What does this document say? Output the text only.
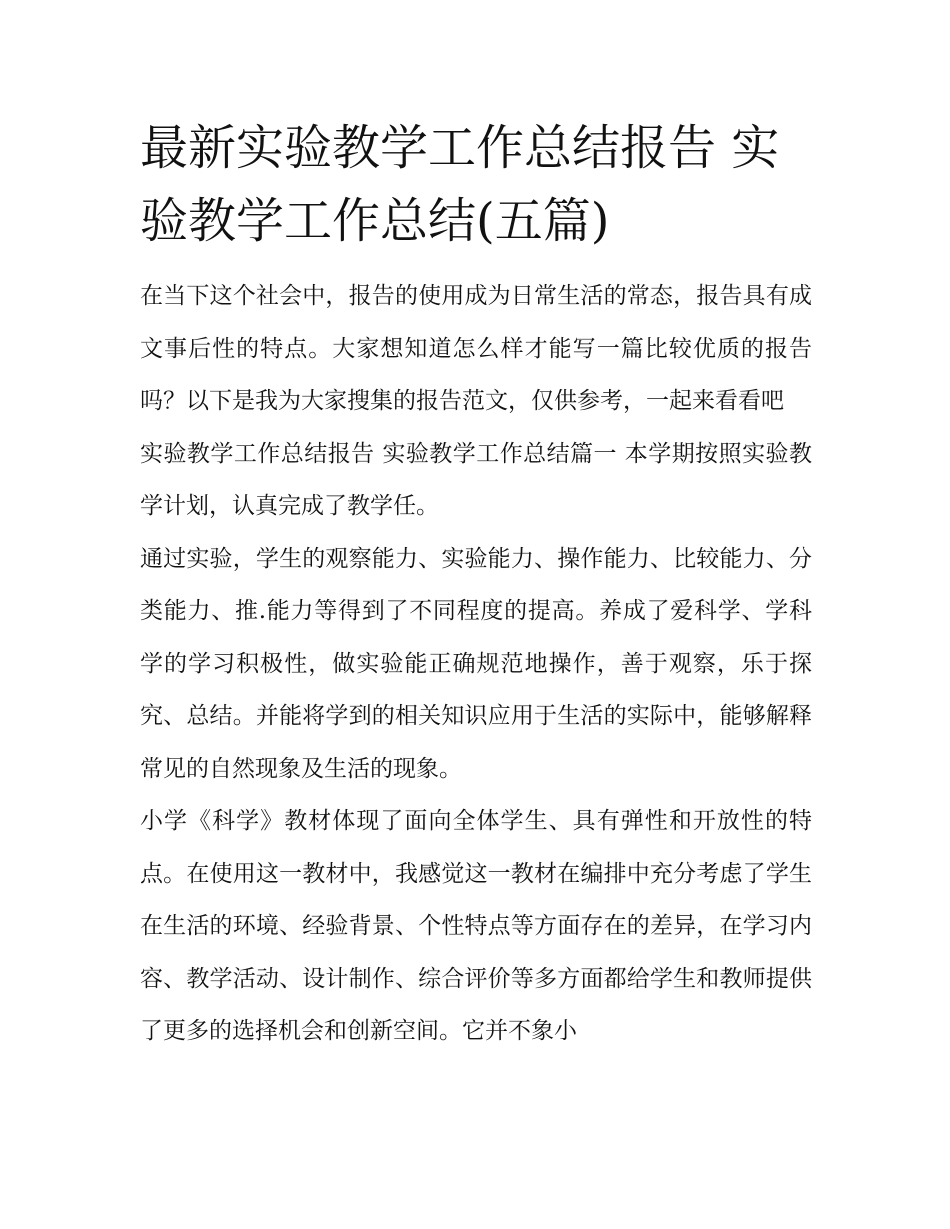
最新实验教学工作总结报告 实验教学工作总结(五篇)

在当下这个社会中，报告的使用成为日常生活的常态，报告具有成文事后性的特点。大家想知道怎么样才能写一篇比较优质的报告吗？以下是我为大家搜集的报告范文，仅供参考，一起来看看吧

实验教学工作总结报告 实验教学工作总结篇一 本学期按照实验教学计划，认真完成了教学任。

通过实验，学生的观察能力、实验能力、操作能力、比较能力、分类能力、推.能力等得到了不同程度的提高。养成了爱科学、学科学的学习积极性，做实验能正确规范地操作，善于观察，乐于探究、总结。并能将学到的相关知识应用于生活的实际中，能够解释常见的自然现象及生活的现象。

小学《科学》教材体现了面向全体学生、具有弹性和开放性的特点。在使用这一教材中，我感觉这一教材在编排中充分考虑了学生在生活的环境、经验背景、个性特点等方面存在的差异，在学习内容、教学活动、设计制作、综合评价等多方面都给学生和教师提供了更多的选择机会和创新空间。它并不象小
